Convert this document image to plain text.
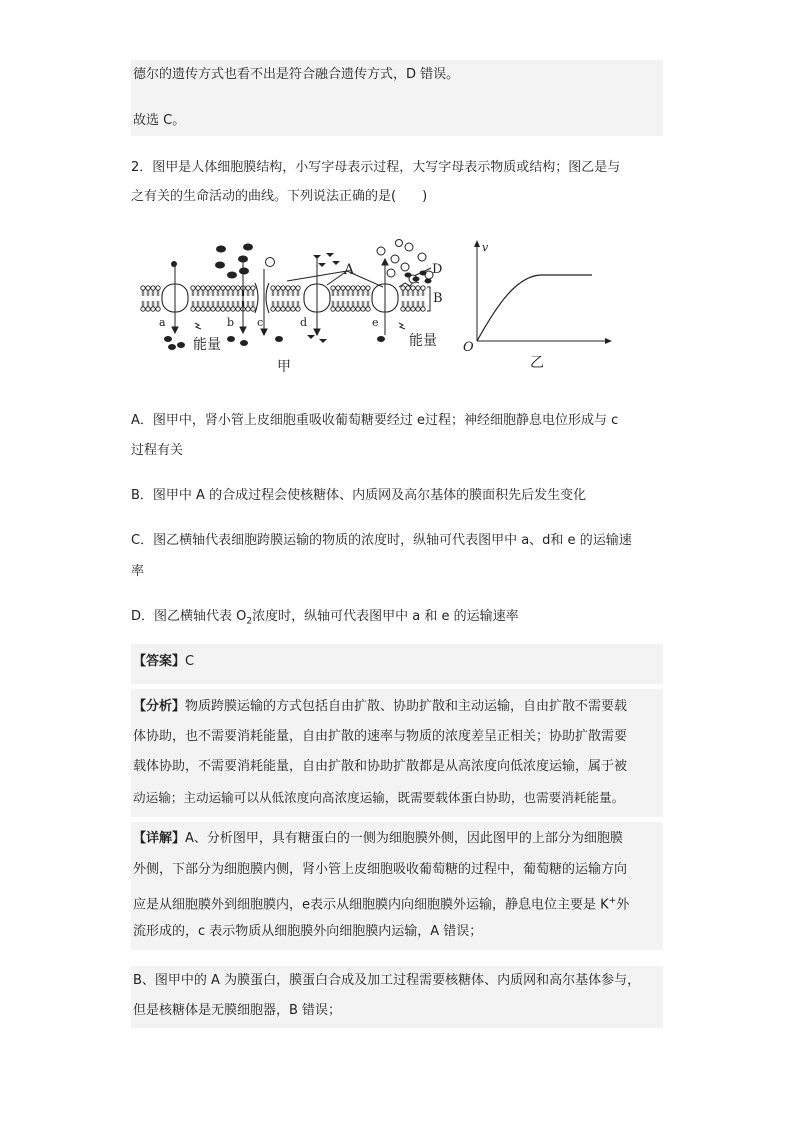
德尔的遗传方式也看不出是符合融合遗传方式，D 错误。
故选 C。
2．图甲是人体细胞膜结构，小写字母表示过程，大写字母表示物质或结构；图乙是与
之有关的生命活动的曲线。下列说法正确的是(　　)
a	b c	d	e
A	D
B
能量	能量
甲
v
O
乙
A．图甲中，肾小管上皮细胞重吸收葡萄糖要经过 e过程；神经细胞静息电位形成与 c
过程有关
B．图甲中 A 的合成过程会使核糖体、内质网及高尔基体的膜面积先后发生变化
C．图乙横轴代表细胞跨膜运输的物质的浓度时，纵轴可代表图甲中 a、d和 e 的运输速
率
D．图乙横轴代表 $O_2$浓度时，纵轴可代表图甲中 a 和 e 的运输速率
【答案】C
【分析】物质跨膜运输的方式包括自由扩散、协助扩散和主动运输，自由扩散不需要载
体协助，也不需要消耗能量，自由扩散的速率与物质的浓度差呈正相关；协助扩散需要
载体协助，不需要消耗能量，自由扩散和协助扩散都是从高浓度向低浓度运输，属于被
动运输；主动运输可以从低浓度向高浓度运输，既需要载体蛋白协助，也需要消耗能量。
【详解】A、分析图甲，具有糖蛋白的一侧为细胞膜外侧，因此图甲的上部分为细胞膜
外侧，下部分为细胞膜内侧，肾小管上皮细胞吸收葡萄糖的过程中，葡萄糖的运输方向
应是从细胞膜外到细胞膜内，e表示从细胞膜内向细胞膜外运输，静息电位主要是 K+外
流形成的，c 表示物质从细胞膜外向细胞膜内运输，A 错误；
B、图甲中的 A 为膜蛋白，膜蛋白合成及加工过程需要核糖体、内质网和高尔基体参与，
但是核糖体是无膜细胞器，B 错误；
